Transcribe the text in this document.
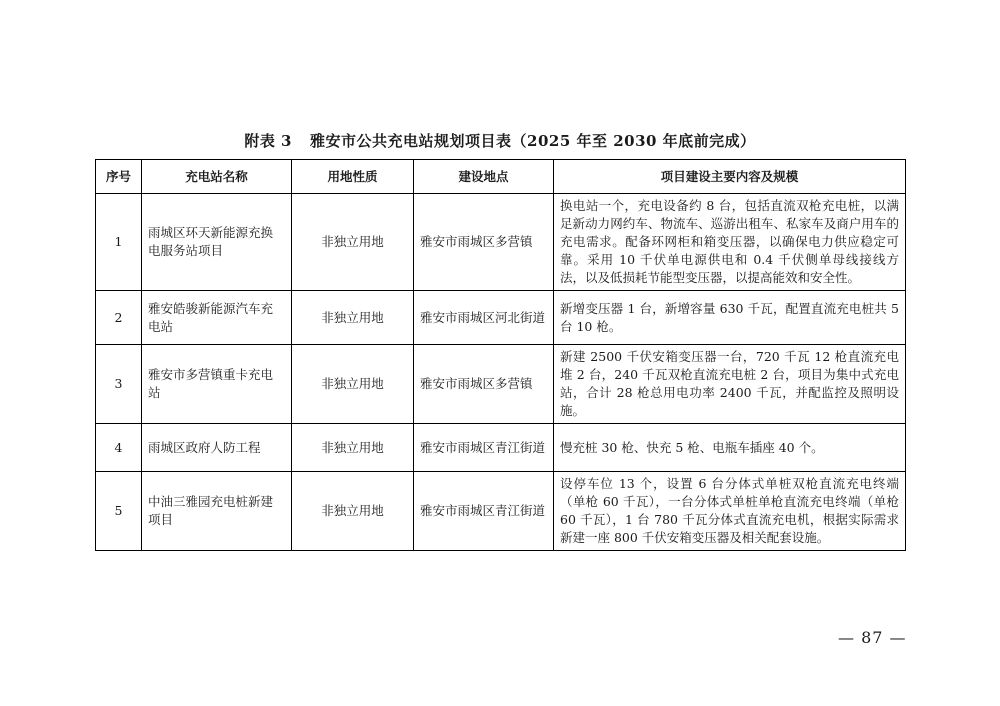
附表 3 雅安市公共充电站规划项目表（2025 年至 2030 年底前完成）
序号	充电站名称	用地性质	建设地点	项目建设主要内容及规模
1	雨城区环天新能源充换电服务站项目	非独立用地	雅安市雨城区多营镇	换电站一个，充电设备约 8 台，包括直流双枪充电桩，以满足新动力网约车、物流车、巡游出租车、私家车及商户用车的充电需求。配备环网柜和箱变压器，以确保电力供应稳定可靠。采用 10 千伏单电源供电和 0.4 千伏侧单母线接线方法，以及低损耗节能型变压器，以提高能效和安全性。
2	雅安皓骏新能源汽车充电站	非独立用地	雅安市雨城区河北街道	新增变压器 1 台，新增容量 630 千瓦，配置直流充电桩共 5 台 10 枪。
3	雅安市多营镇重卡充电站	非独立用地	雅安市雨城区多营镇	新建 2500 千伏安箱变压器一台，720 千瓦 12 枪直流充电堆 2 台，240 千瓦双枪直流充电桩 2 台，项目为集中式充电站，合计 28 枪总用电功率 2400 千瓦，并配监控及照明设施。
4	雨城区政府人防工程	非独立用地	雅安市雨城区青江街道	慢充桩 30 枪、快充 5 枪、电瓶车插座 40 个。
5	中油三雅园充电桩新建项目	非独立用地	雅安市雨城区青江街道	设停车位 13 个，设置 6 台分体式单桩双枪直流充电终端（单枪 60 千瓦），一台分体式单桩单枪直流充电终端（单枪 60 千瓦），1 台 780 千瓦分体式直流充电机，根据实际需求新建一座 800 千伏安箱变压器及相关配套设施。
— 87 —
